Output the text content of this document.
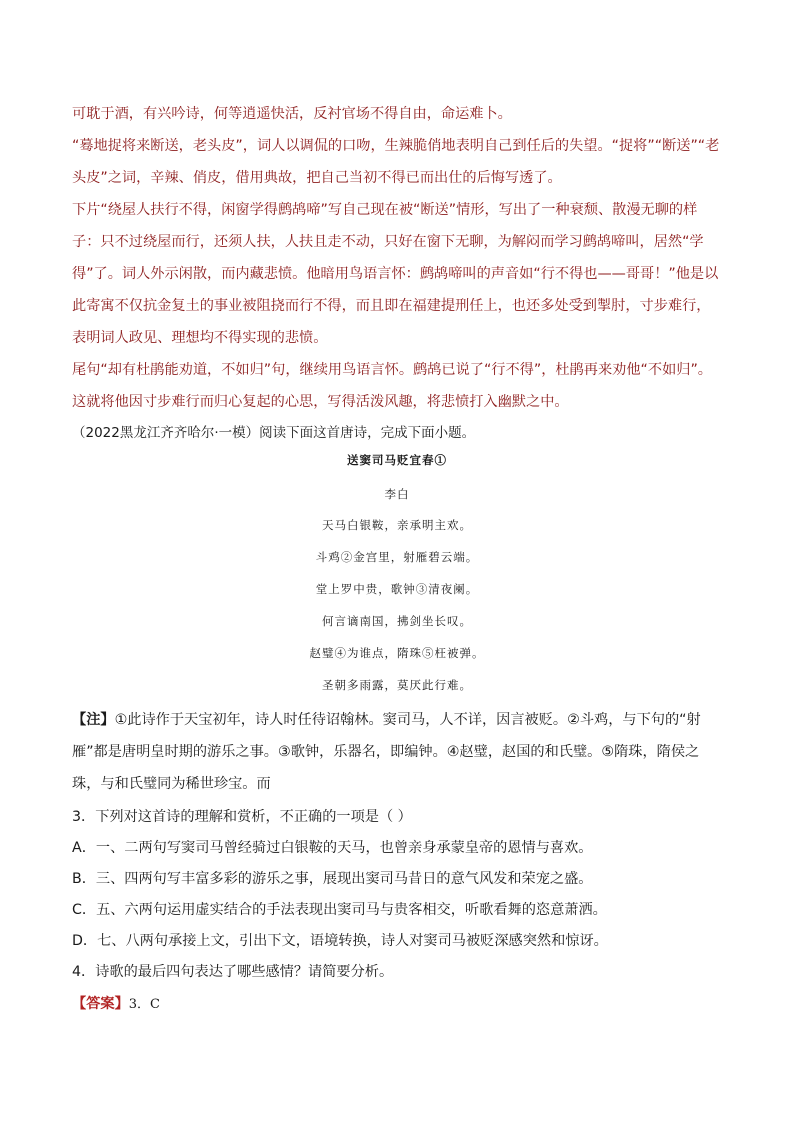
可耽于酒，有兴吟诗，何等逍遥快活，反衬官场不得自由，命运难卜。

“蓦地捉将来断送，老头皮”，词人以调侃的口吻，生辣脆俏地表明自己到任后的失望。“捉将”“断送”“老头皮”之词，辛辣、俏皮，借用典故，把自己当初不得已而出仕的后悔写透了。

下片“绕屋人扶行不得，闲窗学得鹧鸪啼”写自己现在被“断送”情形，写出了一种衰颓、散漫无聊的样子：只不过绕屋而行，还须人扶，人扶且走不动，只好在窗下无聊，为解闷而学习鹧鸪啼叫，居然“学得”了。词人外示闲散，而内藏悲愤。他暗用鸟语言怀：鹧鸪啼叫的声音如“行不得也——哥哥！”他是以此寄寓不仅抗金复土的事业被阻挠而行不得，而且即在福建提刑任上，也还多处受到掣肘，寸步难行，表明词人政见、理想均不得实现的悲愤。

尾句“却有杜鹃能劝道，不如归”句，继续用鸟语言怀。鹧鸪已说了“行不得”，杜鹃再来劝他“不如归”。这就将他因寸步难行而归心复起的心思，写得活泼风趣，将悲愤打入幽默之中。

（2022黑龙江齐齐哈尔·一模）阅读下面这首唐诗，完成下面小题。

送窦司马贬宜春①

李白

天马白银鞍，亲承明主欢。

斗鸡②金宫里，射雁碧云端。

堂上罗中贵，歌钟③清夜阑。

何言谪南国，拂剑坐长叹。

赵璧④为谁点，隋珠⑤枉被弹。

圣朝多雨露，莫厌此行难。

【注】①此诗作于天宝初年，诗人时任待诏翰林。窦司马，人不详，因言被贬。②斗鸡，与下句的“射雁”都是唐明皇时期的游乐之事。③歌钟，乐器名，即编钟。④赵璧，赵国的和氏璧。⑤隋珠，隋侯之珠，与和氏璧同为稀世珍宝。而

3．下列对这首诗的理解和赏析，不正确的一项是（ ）

A．一、二两句写窦司马曾经骑过白银鞍的天马，也曾亲身承蒙皇帝的恩情与喜欢。

B．三、四两句写丰富多彩的游乐之事，展现出窦司马昔日的意气风发和荣宠之盛。

C．五、六两句运用虚实结合的手法表现出窦司马与贵客相交，听歌看舞的恣意萧洒。

D．七、八两句承接上文，引出下文，语境转换，诗人对窦司马被贬深感突然和惊讶。

4．诗歌的最后四句表达了哪些感情？请简要分析。

【答案】3．C
